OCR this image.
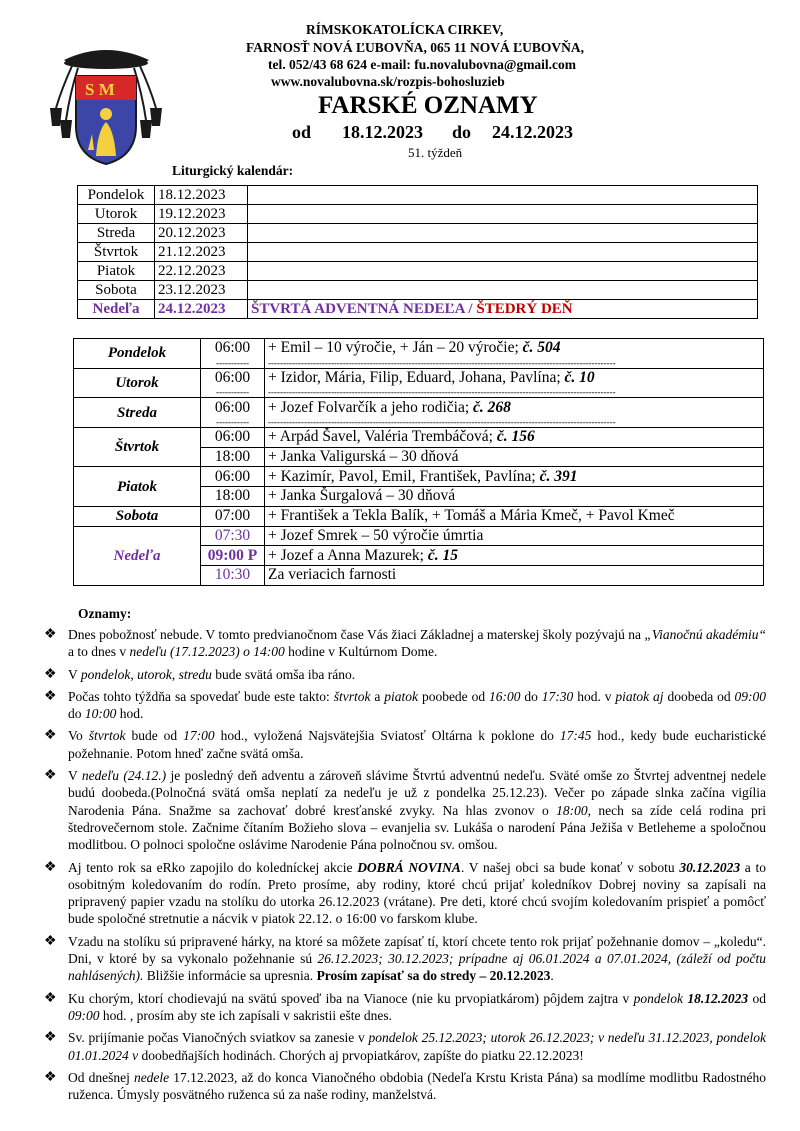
S M
RÍMSKOKATOLÍCKA CIRKEV,
FARNOSŤ NOVÁ ĽUBOVŇA, 065 11 NOVÁ ĽUBOVŇA,
tel. 052/43 68 624 e-mail: fu.novalubovna@gmail.com
www.novalubovna.sk/rozpis-bohosluzieb
FARSKÉ OZNAMY
od 18.12.2023 do 24.12.2023
51. týždeň
Liturgický kalendár:
Pondelok	18.12.2023	
Utorok	19.12.2023	
Streda	20.12.2023	
Štvrtok	21.12.2023	
Piatok	22.12.2023	
Sobota	23.12.2023	
Nedeľa	24.12.2023	ŠTVRTÁ ADVENTNÁ NEDEĽA / ŠTEDRÝ DEŇ
Pondelok	06:00	+ Emil – 10 výročie, + Ján – 20 výročie; č. 504
	-----------	--------------------------------------------------------------------------------------------------------------------
Utorok	06:00	+ Izidor, Mária, Filip, Eduard, Johana, Pavlína; č. 10
	-----------	--------------------------------------------------------------------------------------------------------------------
Streda	06:00	+ Jozef Folvarčík a jeho rodičia; č. 268
	-----------	--------------------------------------------------------------------------------------------------------------------
Štvrtok	06:00	+ Arpád Šavel, Valéria Trembáčová; č. 156
	18:00	+ Janka Valigurská – 30 dňová
Piatok	06:00	+ Kazimír, Pavol, Emil, František, Pavlína; č. 391
	18:00	+ Janka Šurgalová – 30 dňová
Sobota	07:00	+ František a Tekla Balík, + Tomáš a Mária Kmeč, + Pavol Kmeč
Nedeľa	07:30	+ Jozef Smrek – 50 výročie úmrtia
	09:00 P	+ Jozef a Anna Mazurek; č. 15
	10:30	Za veriacich farnosti
Oznamy:
❖ Dnes pobožnosť nebude. V tomto predvianočnom čase Vás žiaci Základnej a materskej školy pozývajú na „Vianočnú akadémiu“ a to dnes v nedeľu (17.12.2023) o 14:00 hodine v Kultúrnom Dome.
❖ V pondelok, utorok, stredu bude svätá omša iba ráno.
❖ Počas tohto týždňa sa spovedať bude este takto: štvrtok a piatok poobede od 16:00 do 17:30 hod. v piatok aj doobeda od 09:00 do 10:00 hod.
❖ Vo štvrtok bude od 17:00 hod., vyložená Najsvätejšia Sviatosť Oltárna k poklone do 17:45 hod., kedy bude eucharistické požehnanie. Potom hneď začne svätá omša.
❖ V nedeľu (24.12.) je posledný deň adventu a zároveň slávime Štvrtú adventnú nedeľu. Sväté omše zo Štvrtej adventnej nedele budú doobeda.(Polnočná svätá omša neplatí za nedeľu je už z pondelka 25.12.23). Večer po západe slnka začína vigília Narodenia Pána. Snažme sa zachovať dobré kresťanské zvyky. Na hlas zvonov o 18:00, nech sa zíde celá rodina pri štedrovečernom stole. Začnime čítaním Božieho slova – evanjelia sv. Lukáša o narodení Pána Ježiša v Betleheme a spoločnou modlitbou. O polnoci spoločne oslávime Narodenie Pána polnočnou sv. omšou.
❖ Aj tento rok sa eRko zapojilo do koledníckej akcie DOBRÁ NOVINA. V našej obci sa bude konať v sobotu 30.12.2023 a to osobitným koledovaním do rodín. Preto prosíme, aby rodiny, ktoré chcú prijať koledníkov Dobrej noviny sa zapísali na pripravený papier vzadu na stolíku do utorka 26.12.2023 (vrátane). Pre deti, ktoré chcú svojím koledovaním prispieť a pomôcť bude spoločné stretnutie a nácvik v piatok 22.12. o 16:00 vo farskom klube.
❖ Vzadu na stolíku sú pripravené hárky, na ktoré sa môžete zapísať tí, ktorí chcete tento rok prijať požehnanie domov – „koledu“. Dni, v ktoré by sa vykonalo požehnanie sú 26.12.2023; 30.12.2023; prípadne aj 06.01.2024 a 07.01.2024, (záleží od počtu nahlásených). Bližšie informácie sa upresnia. Prosím zapísať sa do stredy – 20.12.2023.
❖ Ku chorým, ktorí chodievajú na svätú spoveď iba na Vianoce (nie ku prvopiatkárom) pôjdem zajtra v pondelok 18.12.2023 od 09:00 hod. , prosím aby ste ich zapísali v sakristii ešte dnes.
❖ Sv. prijímanie počas Vianočných sviatkov sa zanesie v pondelok 25.12.2023; utorok 26.12.2023; v nedeľu 31.12.2023, pondelok 01.01.2024 v doobedňajších hodinách. Chorých aj prvopiatkárov, zapíšte do piatku 22.12.2023!
❖ Od dnešnej nedele 17.12.2023, až do konca Vianočného obdobia (Nedeľa Krstu Krista Pána) sa modlíme modlitbu Radostného ruženca. Úmysly posvätného ruženca sú za naše rodiny, manželstvá.
